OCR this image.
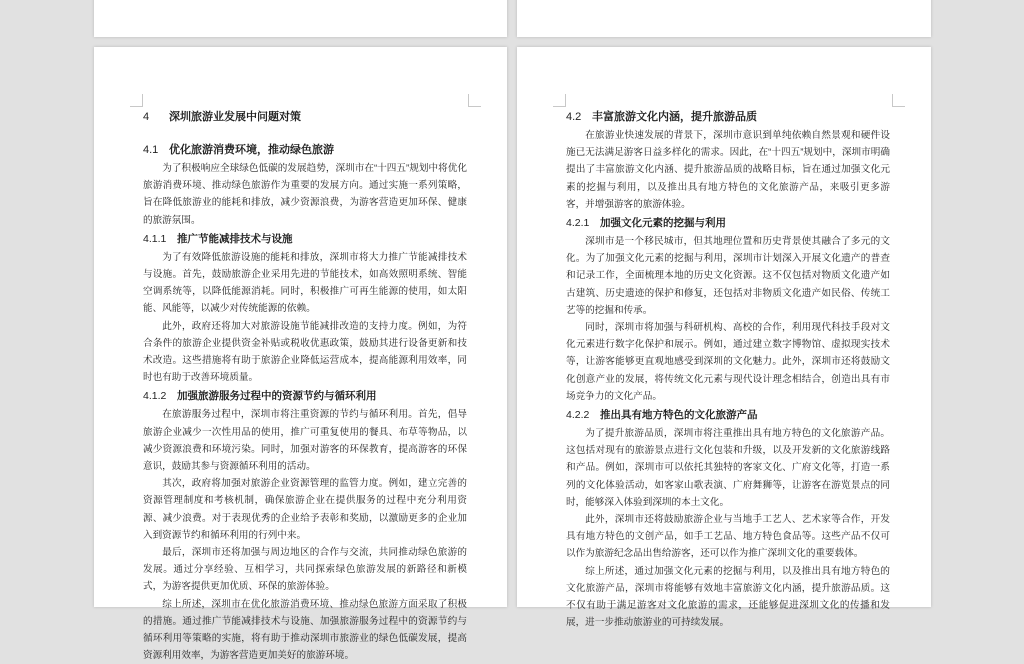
4 深圳旅游业发展中问题对策
4.1 优化旅游消费环境，推动绿色旅游

为了积极响应全球绿色低碳的发展趋势，深圳市在“十四五”规划中将优化旅游消费环境、推动绿色旅游作为重要的发展方向。通过实施一系列策略，旨在降低旅游业的能耗和排放，减少资源浪费，为游客营造更加环保、健康的旅游氛围。

4.1.1 推广节能减排技术与设施

为了有效降低旅游设施的能耗和排放，深圳市将大力推广节能减排技术与设施。首先，鼓励旅游企业采用先进的节能技术，如高效照明系统、智能空调系统等，以降低能源消耗。同时，积极推广可再生能源的使用，如太阳能、风能等，以减少对传统能源的依赖。

此外，政府还将加大对旅游设施节能减排改造的支持力度。例如，为符合条件的旅游企业提供资金补贴或税收优惠政策，鼓励其进行设备更新和技术改造。这些措施将有助于旅游企业降低运营成本，提高能源利用效率，同时也有助于改善环境质量。

4.1.2 加强旅游服务过程中的资源节约与循环利用

在旅游服务过程中，深圳市将注重资源的节约与循环利用。首先，倡导旅游企业减少一次性用品的使用，推广可重复使用的餐具、布草等物品，以减少资源浪费和环境污染。同时，加强对游客的环保教育，提高游客的环保意识，鼓励其参与资源循环利用的活动。

其次，政府将加强对旅游企业资源管理的监管力度。例如，建立完善的资源管理制度和考核机制，确保旅游企业在提供服务的过程中充分利用资源、减少浪费。对于表现优秀的企业给予表彰和奖励，以激励更多的企业加入到资源节约和循环利用的行列中来。

最后，深圳市还将加强与周边地区的合作与交流，共同推动绿色旅游的发展。通过分享经验、互相学习，共同探索绿色旅游发展的新路径和新模式，为游客提供更加优质、环保的旅游体验。

综上所述，深圳市在优化旅游消费环境、推动绿色旅游方面采取了积极的措施。通过推广节能减排技术与设施、加强旅游服务过程中的资源节约与循环利用等策略的实施，将有助于推动深圳市旅游业的绿色低碳发展，提高资源利用效率，为游客营造更加美好的旅游环境。

4.2 丰富旅游文化内涵，提升旅游品质

在旅游业快速发展的背景下，深圳市意识到单纯依赖自然景观和硬件设施已无法满足游客日益多样化的需求。因此，在“十四五”规划中，深圳市明确提出了丰富旅游文化内涵、提升旅游品质的战略目标，旨在通过加强文化元素的挖掘与利用，以及推出具有地方特色的文化旅游产品，来吸引更多游客，并增强游客的旅游体验。

4.2.1 加强文化元素的挖掘与利用

深圳市是一个移民城市，但其地理位置和历史背景使其融合了多元的文化。为了加强文化元素的挖掘与利用，深圳市计划深入开展文化遗产的普查和记录工作，全面梳理本地的历史文化资源。这不仅包括对物质文化遗产如古建筑、历史遗迹的保护和修复，还包括对非物质文化遗产如民俗、传统工艺等的挖掘和传承。

同时，深圳市将加强与科研机构、高校的合作，利用现代科技手段对文化元素进行数字化保护和展示。例如，通过建立数字博物馆、虚拟现实技术等，让游客能够更直观地感受到深圳的文化魅力。此外，深圳市还将鼓励文化创意产业的发展，将传统文化元素与现代设计理念相结合，创造出具有市场竞争力的文化产品。

4.2.2 推出具有地方特色的文化旅游产品

为了提升旅游品质，深圳市将注重推出具有地方特色的文化旅游产品。这包括对现有的旅游景点进行文化包装和升级，以及开发新的文化旅游线路和产品。例如，深圳市可以依托其独特的客家文化、广府文化等，打造一系列的文化体验活动，如客家山歌表演、广府舞狮等，让游客在游览景点的同时，能够深入体验到深圳的本土文化。

此外，深圳市还将鼓励旅游企业与当地手工艺人、艺术家等合作，开发具有地方特色的文创产品，如手工艺品、地方特色食品等。这些产品不仅可以作为旅游纪念品出售给游客，还可以作为推广深圳文化的重要载体。

综上所述，通过加强文化元素的挖掘与利用，以及推出具有地方特色的文化旅游产品，深圳市将能够有效地丰富旅游文化内涵，提升旅游品质。这不仅有助于满足游客对文化旅游的需求，还能够促进深圳文化的传播和发展，进一步推动旅游业的可持续发展。
